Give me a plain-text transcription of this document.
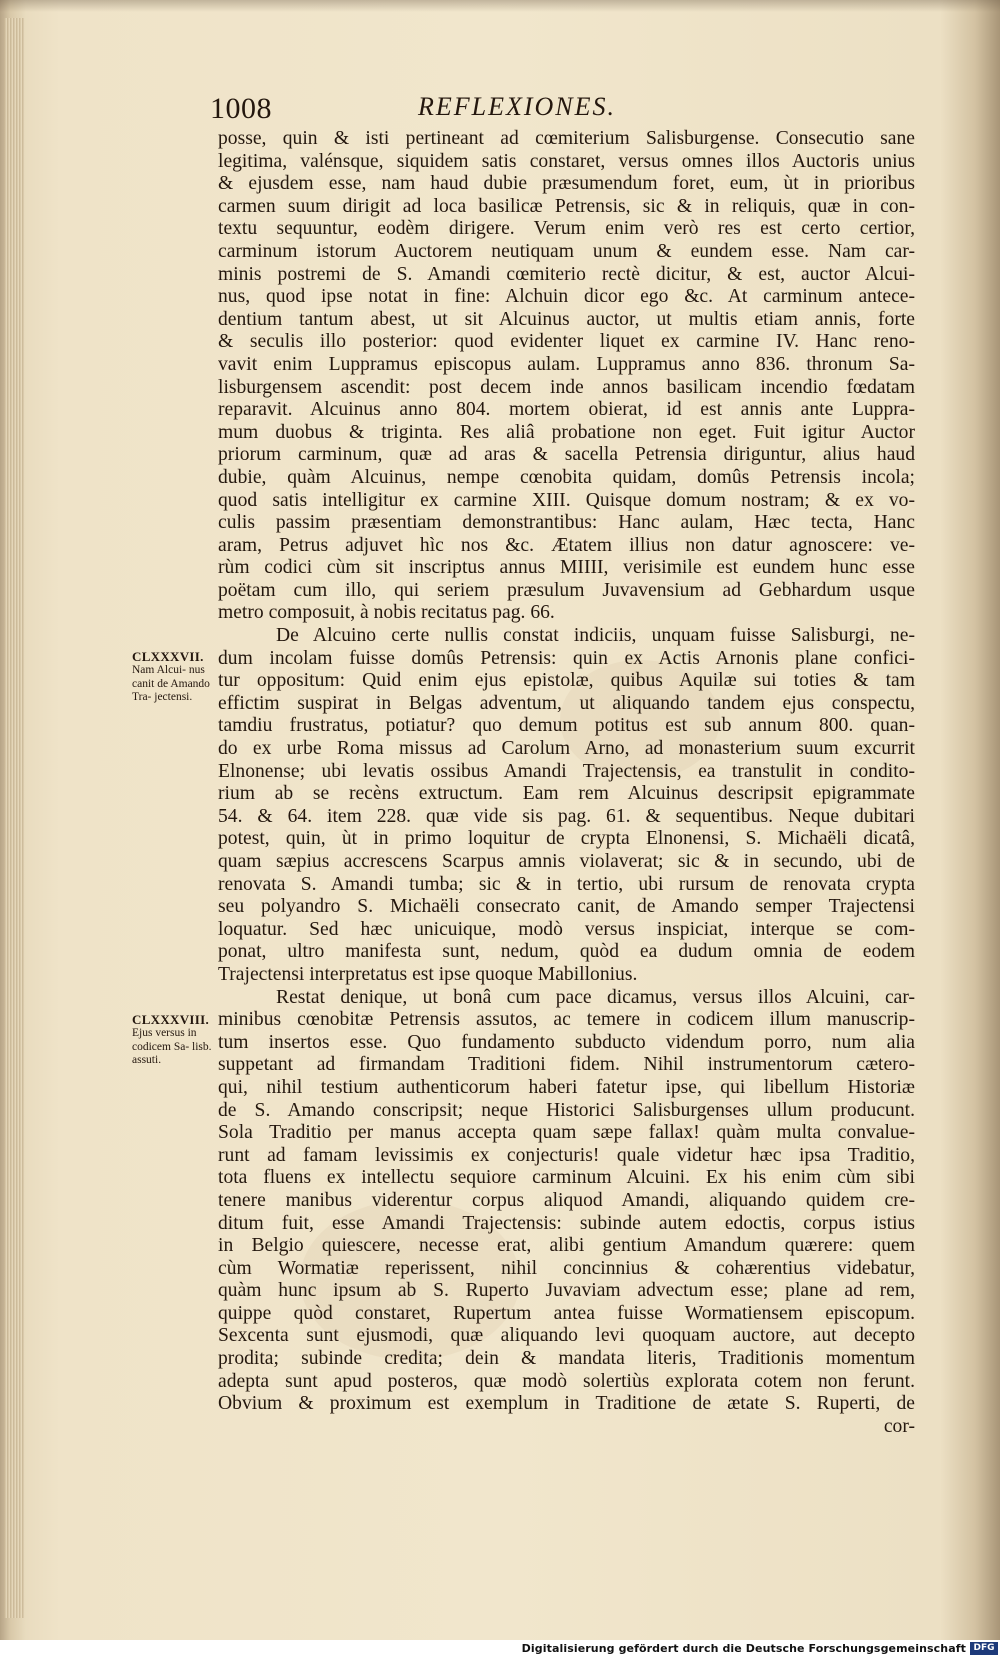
1008	REFLEXIONES.
posse, quin & isti pertineant ad cœmiterium Salisburgense. Consecutio sane
legitima, valénsque, siquidem satis constaret, versus omnes illos Auctoris unius
& ejusdem esse, nam haud dubie præsumendum foret, eum, ùt in prioribus
carmen suum dirigit ad loca basilicæ Petrensis, sic & in reliquis, quæ in con-
textu sequuntur, eodèm dirigere. Verum enim verò res est certo certior,
carminum istorum Auctorem neutiquam unum & eundem esse. Nam car-
minis postremi de S. Amandi cœmiterio rectè dicitur, & est, auctor Alcui-
nus, quod ipse notat in fine: Alchuin dicor ego &c. At carminum antece-
dentium tantum abest, ut sit Alcuinus auctor, ut multis etiam annis, forte
& seculis illo posterior: quod evidenter liquet ex carmine IV. Hanc reno-
vavit enim Luppramus episcopus aulam. Luppramus anno 836. thronum Sa-
lisburgensem ascendit: post decem inde annos basilicam incendio fœdatam
reparavit. Alcuinus anno 804. mortem obierat, id est annis ante Luppra-
mum duobus & triginta. Res aliâ probatione non eget. Fuit igitur Auctor
priorum carminum, quæ ad aras & sacella Petrensia diriguntur, alius haud
dubie, quàm Alcuinus, nempe cœnobita quidam, domûs Petrensis incola;
quod satis intelligitur ex carmine XIII. Quisque domum nostram; & ex vo-
culis passim præsentiam demonstrantibus: Hanc aulam, Hæc tecta, Hanc
aram, Petrus adjuvet hìc nos &c. Ætatem illius non datur agnoscere: ve-
rùm codici cùm sit inscriptus annus MIIII, verisimile est eundem hunc esse
poëtam cum illo, qui seriem præsulum Juvavensium ad Gebhardum usque
metro composuit, à nobis recitatus pag. 66.
De Alcuino certe nullis constat indiciis, unquam fuisse Salisburgi, ne-
dum incolam fuisse domûs Petrensis: quin ex Actis Arnonis plane confici-
tur oppositum: Quid enim ejus epistolæ, quibus Aquilæ sui toties & tam
effictim suspirat in Belgas adventum, ut aliquando tandem ejus conspectu,
tamdiu frustratus, potiatur? quo demum potitus est sub annum 800. quan-
do ex urbe Roma missus ad Carolum Arno, ad monasterium suum excurrit
Elnonense; ubi levatis ossibus Amandi Trajectensis, ea transtulit in condito-
rium ab se recèns extructum. Eam rem Alcuinus descripsit epigrammate
54. & 64. item 228. quæ vide sis pag. 61. & sequentibus. Neque dubitari
potest, quin, ùt in primo loquitur de crypta Elnonensi, S. Michaëli dicatâ,
quam sæpius accrescens Scarpus amnis violaverat; sic & in secundo, ubi de
renovata S. Amandi tumba; sic & in tertio, ubi rursum de renovata crypta
seu polyandro S. Michaëli consecrato canit, de Amando semper Trajectensi
loquatur. Sed hæc unicuique, modò versus inspiciat, interque se com-
ponat, ultro manifesta sunt, nedum, quòd ea dudum omnia de eodem
Trajectensi interpretatus est ipse quoque Mabillonius.
Restat denique, ut bonâ cum pace dicamus, versus illos Alcuini, car-
minibus cœnobitæ Petrensis assutos, ac temere in codicem illum manuscrip-
tum insertos esse. Quo fundamento subducto videndum porro, num alia
suppetant ad firmandam Traditioni fidem. Nihil instrumentorum cætero-
qui, nihil testium authenticorum haberi fatetur ipse, qui libellum Historiæ
de S. Amando conscripsit; neque Historici Salisburgenses ullum producunt.
Sola Traditio per manus accepta quam sæpe fallax! quàm multa convalue-
runt ad famam levissimis ex conjecturis! quale videtur hæc ipsa Traditio,
tota fluens ex intellectu sequiore carminum Alcuini. Ex his enim cùm sibi
tenere manibus viderentur corpus aliquod Amandi, aliquando quidem cre-
ditum fuit, esse Amandi Trajectensis: subinde autem edoctis, corpus istius
in Belgio quiescere, necesse erat, alibi gentium Amandum quærere: quem
cùm Wormatiæ reperissent, nihil concinnius & cohærentius videbatur,
quàm hunc ipsum ab S. Ruperto Juvaviam advectum esse; plane ad rem,
quippe quòd constaret, Rupertum antea fuisse Wormatiensem episcopum.
Sexcenta sunt ejusmodi, quæ aliquando levi quoquam auctore, aut decepto
prodita; subinde credita; dein & mandata literis, Traditionis momentum
adepta sunt apud posteros, quæ modò solertiùs explorata cotem non ferunt.
Obvium & proximum est exemplum in Traditione de ætate S. Ruperti, de
cor-
CLXXXVII.
Nam Alcui- nus canit de Amando Tra- jectensi.
CLXXXVIII.
Ejus versus in codicem Sa- lisb. assuti.
Digitalisierung gefördert durch die Deutsche Forschungsgemeinschaft DFG
